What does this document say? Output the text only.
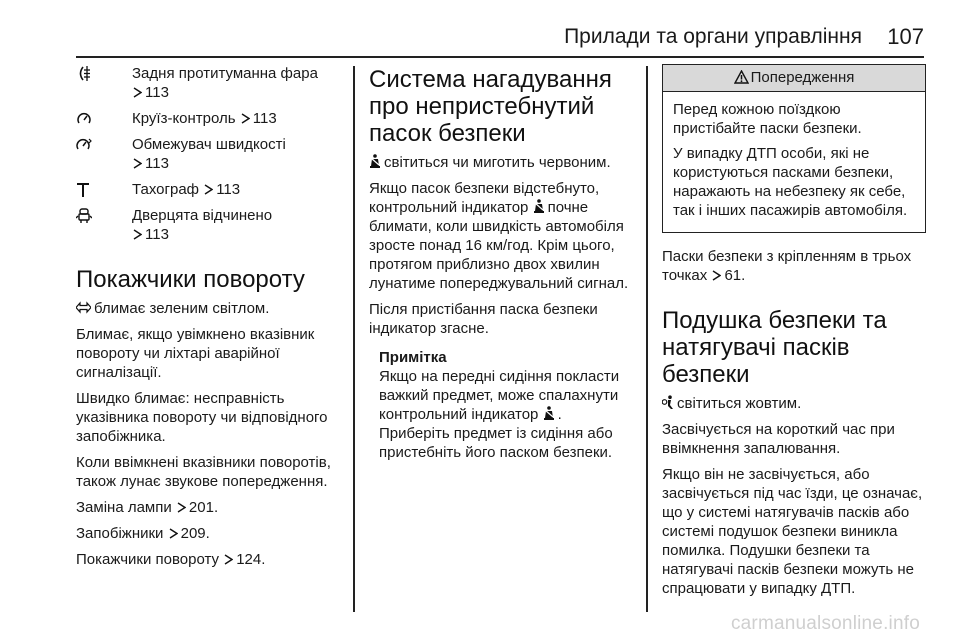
Прилади та органи управління 107
Задня протитуманна фара
113
Круїз-контроль 113
Обмежувач швидкості
113
Тахограф 113
Дверцята відчинено
113
Покажчики повороту

блимає зеленим світлом.

Блимає, якщо увімкнено вказівник повороту чи ліхтарі аварійної сигналізації.

Швидко блимає: несправність указівника повороту чи відповідного запобіжника.

Коли ввімкнені вказівники поворотів, також лунає звукове попередження.

Заміна лампи 201.

Запобіжники 209.

Покажчики повороту 124.

Система нагадування про непристебнутий пасок безпеки

світиться чи миготить червоним.

Якщо пасок безпеки відстебнуто, контрольний індикатор почне блимати, коли швидкість автомобіля зросте понад 16 км/год. Крім цього, протягом приблизно двох хвилин лунатиме попереджувальний сигнал.

Після пристібання паска безпеки індикатор згасне.

Примітка

Якщо на передні сидіння покласти важкий предмет, може спалахнути контрольний індикатор .

Приберіть предмет із сидіння або пристебніть його паском безпеки.

Попередження

Перед кожною поїздкою пристібайте паски безпеки.

У випадку ДТП особи, які не користуються пасками безпеки, наражають на небезпеку як себе, так і інших пасажирів автомобіля.

Паски безпеки з кріпленням в трьох точках 61.

Подушка безпеки та натягувачі пасків безпеки

світиться жовтим.

Засвічується на короткий час при ввімкнення запалювання.

Якщо він не засвічується, або засвічується під час їзди, це означає, що у системі натягувачів пасків або системі подушок безпеки виникла помилка. Подушки безпеки та натягувачі пасків безпеки можуть не спрацювати у випадку ДТП.

carmanualsonline.info
